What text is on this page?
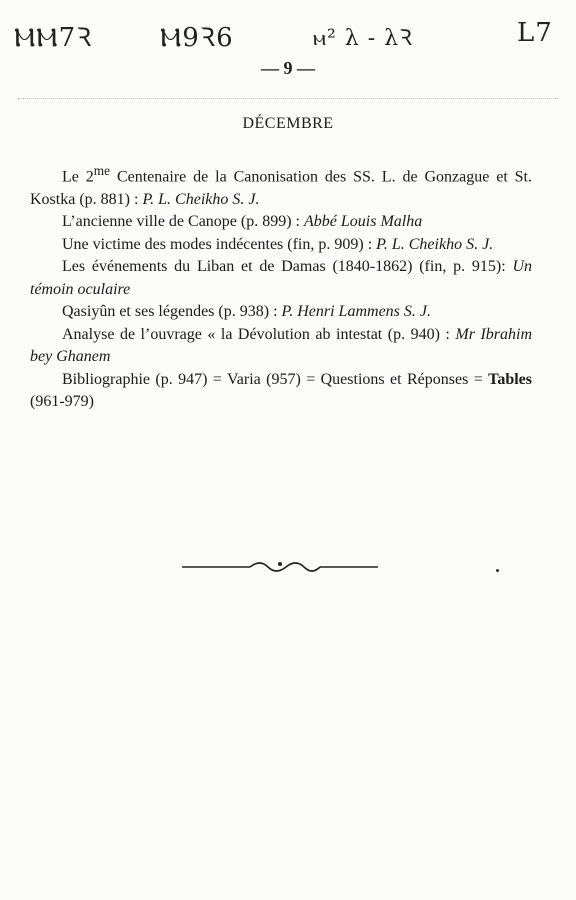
ⲘⲘ7Ꝛ	Ⲙ9Ꝛ6	ⲙ² λ - λꝚ	L7
— 9 —
DÉCEMBRE

Le $2^{me}$ Centenaire de la Canonisation des SS. L. de Gonzague et St. Kostka (p. 881) : P. L. Cheikho S. J.

L’ancienne ville de Canope (p. 899) : Abbé Louis Malha

Une victime des modes indécentes (fin, p. 909) : P. L. Cheikho S. J.

Les événements du Liban et de Damas (1840-1862) (fin, p. 915): Un témoin oculaire

Qasiyûn et ses légendes (p. 938) : P. Henri Lammens S. J.

Analyse de l’ouvrage « la Dévolution ab intestat (p. 940) : Mr Ibrahim bey Ghanem

Bibliographie (p. 947) = Varia (957) = Questions et Réponses = Tables (961-979)
